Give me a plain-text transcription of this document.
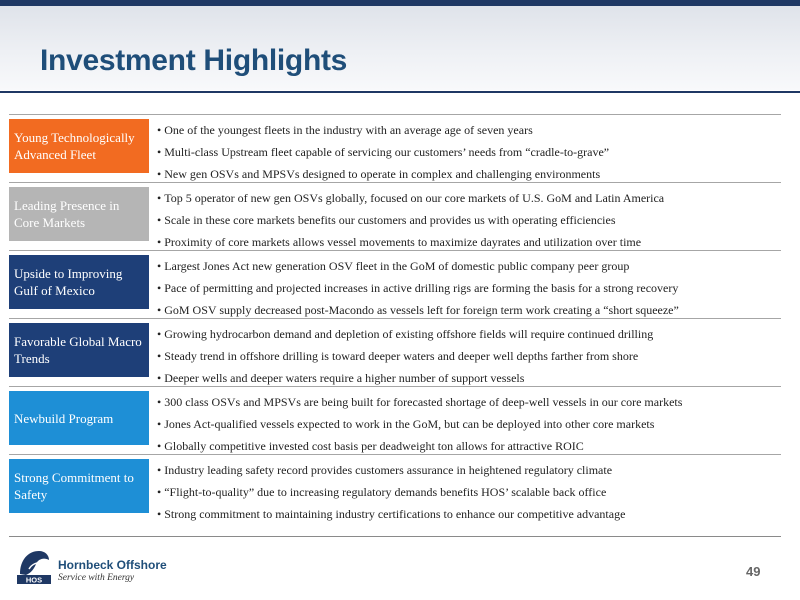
Investment Highlights
Young Technologically Advanced Fleet
• One of the youngest fleets in the industry with an average age of seven years
• Multi-class Upstream fleet capable of servicing our customers’ needs from “cradle-to-grave”
• New gen OSVs and MPSVs designed to operate in complex and challenging environments
Leading Presence in Core Markets
• Top 5 operator of new gen OSVs globally, focused on our core markets of U.S. GoM and Latin America
• Scale in these core markets benefits our customers and provides us with operating efficiencies
• Proximity of core markets allows vessel movements to maximize dayrates and utilization over time
Upside to Improving Gulf of Mexico
• Largest Jones Act new generation OSV fleet in the GoM of domestic public company peer group
• Pace of permitting and projected increases in active drilling rigs are forming the basis for a strong recovery
• GoM OSV supply decreased post-Macondo as vessels left for foreign term work creating a “short squeeze”
Favorable Global Macro Trends
• Growing hydrocarbon demand and depletion of existing offshore fields will require continued drilling
• Steady trend in offshore drilling is toward deeper waters and deeper well depths farther from shore
• Deeper wells and deeper waters require a higher number of support vessels
Newbuild Program
• 300 class OSVs and MPSVs are being built for forecasted shortage of deep-well vessels in our core markets
• Jones Act-qualified vessels expected to work in the GoM, but can be deployed into other core markets
• Globally competitive invested cost basis per deadweight ton allows for attractive ROIC
Strong Commitment to Safety
• Industry leading safety record provides customers assurance in heightened regulatory climate
• “Flight-to-quality” due to increasing regulatory demands benefits HOS’ scalable back office
• Strong commitment to maintaining industry certifications to enhance our competitive advantage
HOS
Hornbeck Offshore
Service with Energy	49
